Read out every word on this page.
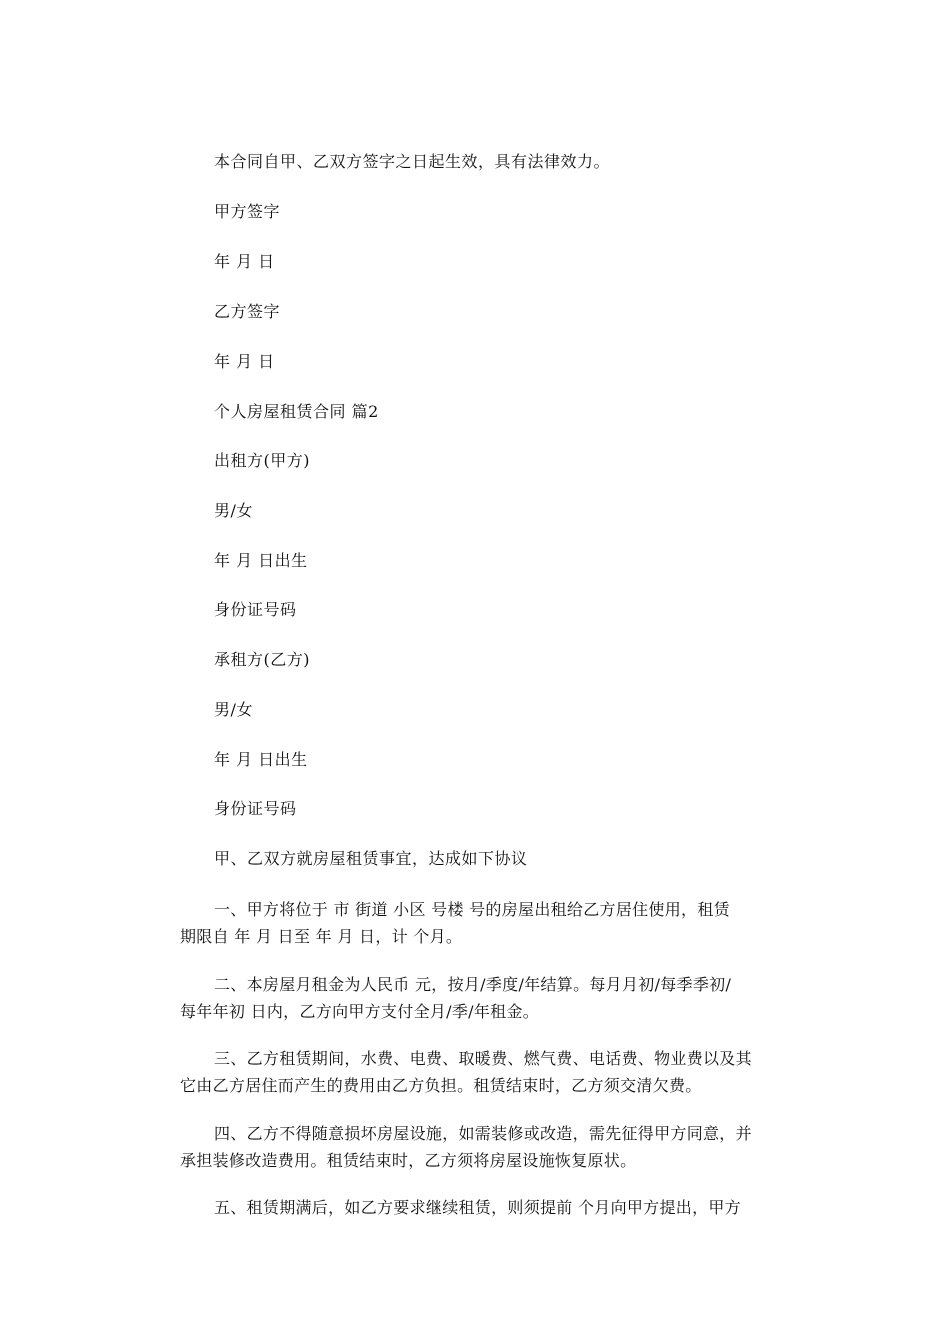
本合同自甲、乙双方签字之日起生效，具有法律效力。
甲方签字
年 月 日
乙方签字
年 月 日
个人房屋租赁合同 篇2
出租方(甲方)
男/女
年 月 日出生
身份证号码
承租方(乙方)
男/女
年 月 日出生
身份证号码
甲、乙双方就房屋租赁事宜，达成如下协议
一、甲方将位于 市 街道 小区 号楼 号的房屋出租给乙方居住使用，租赁
期限自 年 月 日至 年 月 日，计 个月。
二、本房屋月租金为人民币 元，按月/季度/年结算。每月月初/每季季初/
每年年初 日内，乙方向甲方支付全月/季/年租金。
三、乙方租赁期间，水费、电费、取暖费、燃气费、电话费、物业费以及其
它由乙方居住而产生的费用由乙方负担。租赁结束时，乙方须交清欠费。
四、乙方不得随意损坏房屋设施，如需装修或改造，需先征得甲方同意，并
承担装修改造费用。租赁结束时，乙方须将房屋设施恢复原状。
五、租赁期满后，如乙方要求继续租赁，则须提前 个月向甲方提出，甲方
